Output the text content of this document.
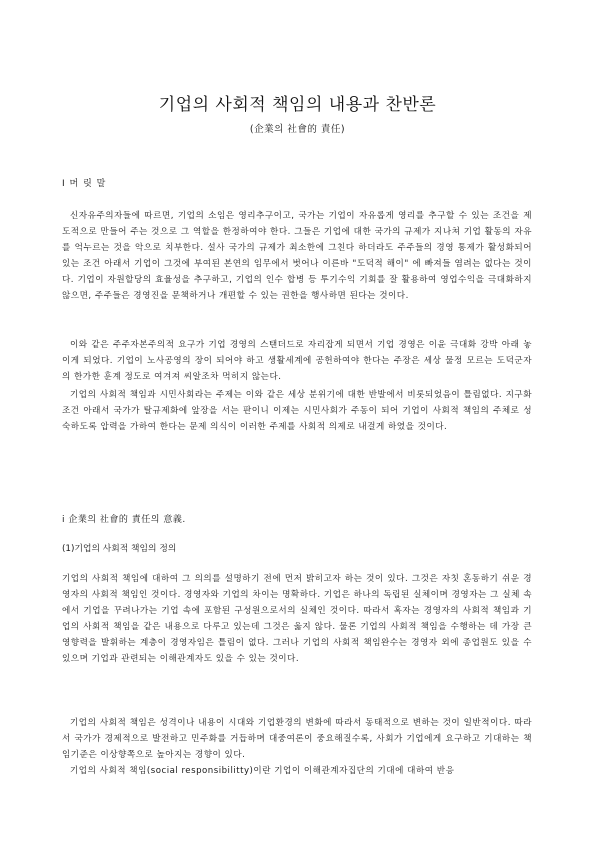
기업의 사회적 책임의 내용과 찬반론
(企業의 社會的 責任)
Ⅰ 머 릿 말

신자유주의자들에 따르면, 기업의 소임은 영리추구이고, 국가는 기업이 자유롭게 영리를 추구할 수 있는 조건을 제도적으로 만들어 주는 것으로 그 역할을 한정하여야 한다. 그들은 기업에 대한 국가의 규제가 지나쳐 기업 활동의 자유를 억누르는 것을 악으로 치부한다. 설사 국가의 규제가 최소한에 그친다 하더라도 주주들의 경영 통제가 활성화되어 있는 조건 아래서 기업이 그것에 부여된 본연의 임무에서 벗어나 이른바 "도덕적 해이" 에 빠져들 염려는 없다는 것이다. 기업이 자원할당의 효율성을 추구하고, 기업의 인수 합병 등 투기수익 기회를 잘 활용하여 영업수익을 극대화하지 않으면, 주주들은 경영진을 문책하거나 개편할 수 있는 권한을 행사하면 된다는 것이다.

이와 같은 주주자본주의적 요구가 기업 경영의 스탠더드로 자리잡게 되면서 기업 경영은 이윤 극대화 강박 아래 놓이게 되었다. 기업이 노사공영의 장이 되어야 하고 생활세계에 공헌하여야 한다는 주장은 세상 물정 모르는 도덕군자의 한가한 훈계 정도로 여겨져 씨알조차 먹히지 않는다.

기업의 사회적 책임과 시민사회라는 주제는 이와 같은 세상 분위기에 대한 반발에서 비롯되었음이 틀림없다. 지구화 조건 아래서 국가가 탈규제화에 앞장을 서는 판이니 이제는 시민사회가 주동이 되어 기업이 사회적 책임의 주체로 성숙하도록 압력을 가하여 한다는 문제 의식이 이러한 주제를 사회적 의제로 내걸게 하였을 것이다.

ⅰ 企業의 社會的 責任의 意義.
(1)기업의 사회적 책임의 정의

기업의 사회적 책임에 대하여 그 의의를 설명하기 전에 먼저 밝히고자 하는 것이 있다. 그것은 자칫 혼동하기 쉬운 경영자의 사회적 책임인 것이다. 경영자와 기업의 차이는 명확하다. 기업은 하나의 독립된 실체이며 경영자는 그 실체 속에서 기업을 꾸려나가는 기업 속에 포함된 구성원으로서의 실체인 것이다. 따라서 혹자는 경영자의 사회적 책임과 기업의 사회적 책임을 같은 내용으로 다루고 있는데 그것은 옳지 않다. 물론 기업의 사회적 책임을 수행하는 데 가장 큰 영향력을 발휘하는 계층이 경영자임은 틀림이 없다. 그러나 기업의 사회적 책임완수는 경영자 외에 종업원도 있을 수 있으며 기업과 관련되는 이해관계자도 있을 수 있는 것이다.

기업의 사회적 책임은 성격이나 내용이 시대와 기업환경의 변화에 따라서 동태적으로 변하는 것이 일반적이다. 따라서 국가가 경제적으로 발전하고 민주화를 거듭하며 대중여론이 중요해질수록, 사회가 기업에게 요구하고 기대하는 책임기준은 이상향쪽으로 높아지는 경향이 있다.

기업의 사회적 책임(social responsibilitty)이란 기업이 이해관계자집단의 기대에 대하여 반응
